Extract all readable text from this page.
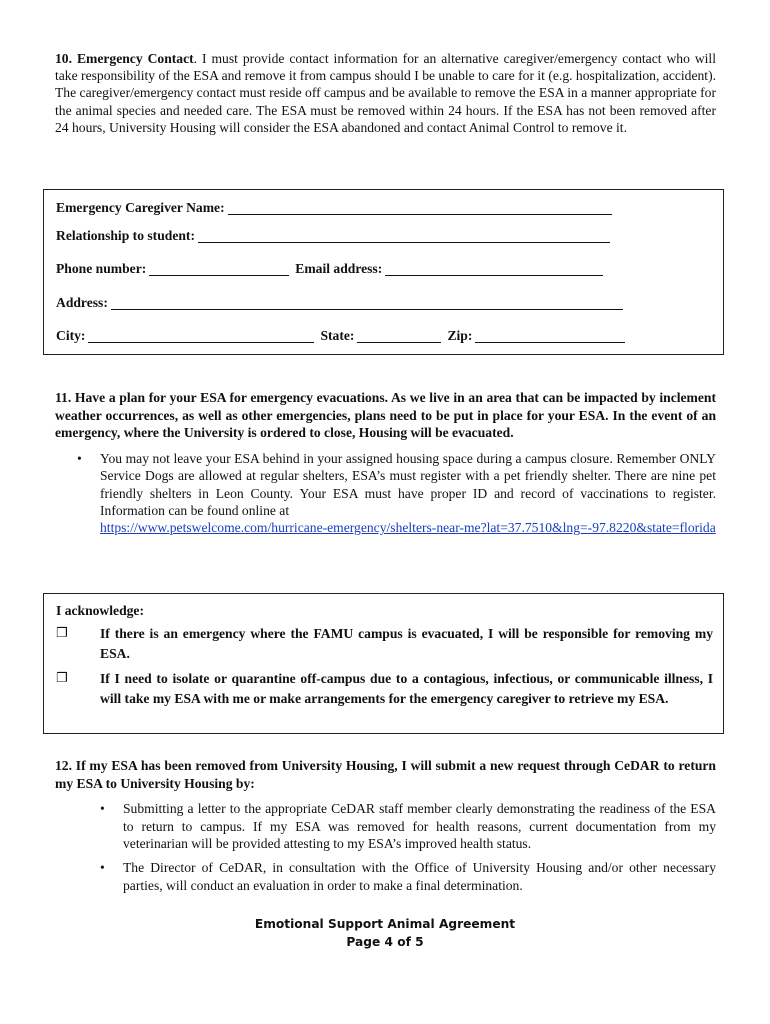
10. Emergency Contact. I must provide contact information for an alternative caregiver/emergency contact who will take responsibility of the ESA and remove it from campus should I be unable to care for it (e.g. hospitalization, accident). The caregiver/emergency contact must reside off campus and be available to remove the ESA in a manner appropriate for the animal species and needed care. The ESA must be removed within 24 hours. If the ESA has not been removed after 24 hours, University Housing will consider the ESA abandoned and contact Animal Control to remove it.

Emergency Caregiver Name:
Relationship to student:
Phone number:	Email address:
Address:
City:	State:	Zip:

11. Have a plan for your ESA for emergency evacuations. As we live in an area that can be impacted by inclement weather occurrences, as well as other emergencies, plans need to be put in place for your ESA. In the event of an emergency, where the University is ordered to close, Housing will be evacuated.

• You may not leave your ESA behind in your assigned housing space during a campus closure. Remember ONLY Service Dogs are allowed at regular shelters, ESA’s must register with a pet friendly shelter. There are nine pet friendly shelters in Leon County. Your ESA must have proper ID and record of vaccinations to register. Information can be found online at
https://www.petswelcome.com/hurricane-emergency/shelters-near-me?lat=37.7510&lng=-97.8220&state=florida
I acknowledge:
❒ If there is an emergency where the FAMU campus is evacuated, I will be responsible for removing my ESA.
❒ If I need to isolate or quarantine off-campus due to a contagious, infectious, or communicable illness, I will take my ESA with me or make arrangements for the emergency caregiver to retrieve my ESA.

12. If my ESA has been removed from University Housing, I will submit a new request through CeDAR to return my ESA to University Housing by:

• Submitting a letter to the appropriate CeDAR staff member clearly demonstrating the readiness of the ESA to return to campus. If my ESA was removed for health reasons, current documentation from my veterinarian will be provided attesting to my ESA’s improved health status.
• The Director of CeDAR, in consultation with the Office of University Housing and/or other necessary parties, will conduct an evaluation in order to make a final determination.
Emotional Support Animal Agreement
Page 4 of 5
